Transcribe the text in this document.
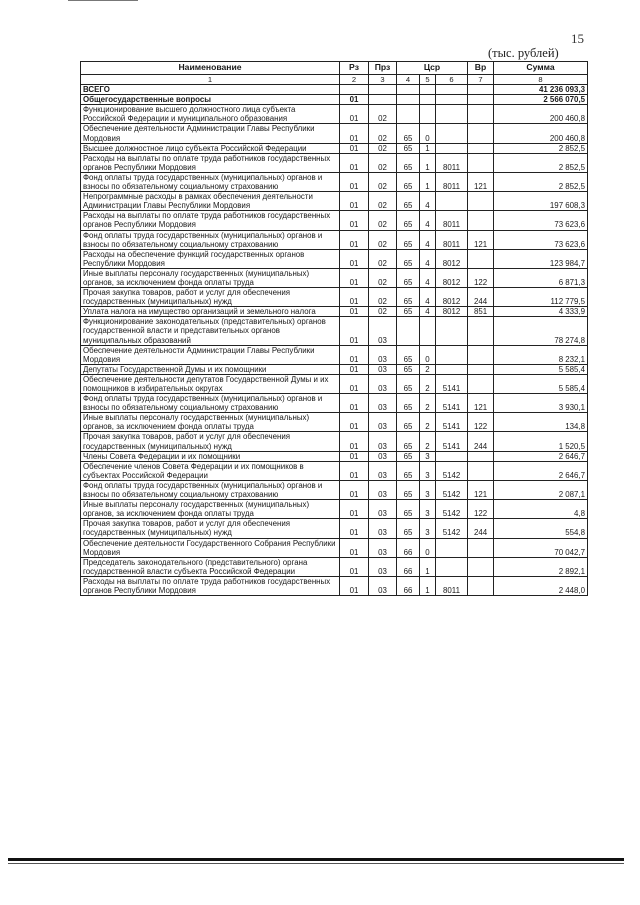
15
(тыс. рублей)
Наименование	Рз	Прз	Цср			Вр	Сумма
1	2	3	4	5	6	7	8
ВСЕГО							41 236 093,3
Общегосударственные вопросы	01						2 566 070,5
Функционирование высшего должностного лица субъекта Российской Федерации и муниципального образования	01	02					200 460,8
Обеспечение деятельности Администрации Главы Республики Мордовия	01	02	65	0			200 460,8
Высшее должностное лицо субъекта Российской Федерации	01	02	65	1			2 852,5
Расходы на выплаты по оплате труда работников государственных органов Республики Мордовия	01	02	65	1	8011		2 852,5
Фонд оплаты труда государственных (муниципальных) органов и взносы по обязательному социальному страхованию	01	02	65	1	8011	121	2 852,5
Непрограммные расходы в рамках обеспечения деятельности Администрации Главы Республики Мордовия	01	02	65	4			197 608,3
Расходы на выплаты по оплате труда работников государственных органов Республики Мордовия	01	02	65	4	8011		73 623,6
Фонд оплаты труда государственных (муниципальных) органов и взносы по обязательному социальному страхованию	01	02	65	4	8011	121	73 623,6
Расходы на обеспечение функций государственных органов Республики Мордовия	01	02	65	4	8012		123 984,7
Иные выплаты персоналу государственных (муниципальных) органов, за исключением фонда оплаты труда	01	02	65	4	8012	122	6 871,3
Прочая закупка товаров, работ и услуг для обеспечения государственных (муниципальных) нужд	01	02	65	4	8012	244	112 779,5
Уплата налога на имущество организаций и земельного налога	01	02	65	4	8012	851	4 333,9
Функционирование законодательных (представительных) органов государственной власти и представительных органов муниципальных образований	01	03					78 274,8
Обеспечение деятельности Администрации Главы Республики Мордовия	01	03	65	0			8 232,1
Депутаты Государственной Думы и их помощники	01	03	65	2			5 585,4
Обеспечение деятельности депутатов Государственной Думы и их помощников в избирательных округах	01	03	65	2	5141		5 585,4
Фонд оплаты труда государственных (муниципальных) органов и взносы по обязательному социальному страхованию	01	03	65	2	5141	121	3 930,1
Иные выплаты персоналу государственных (муниципальных) органов, за исключением фонда оплаты труда	01	03	65	2	5141	122	134,8
Прочая закупка товаров, работ и услуг для обеспечения государственных (муниципальных) нужд	01	03	65	2	5141	244	1 520,5
Члены Совета Федерации и их помощники	01	03	65	3			2 646,7
Обеспечение членов Совета Федерации и их помощников в субъектах Российской Федерации	01	03	65	3	5142		2 646,7
Фонд оплаты труда государственных (муниципальных) органов и взносы по обязательному социальному страхованию	01	03	65	3	5142	121	2 087,1
Иные выплаты персоналу государственных (муниципальных) органов, за исключением фонда оплаты труда	01	03	65	3	5142	122	4,8
Прочая закупка товаров, работ и услуг для обеспечения государственных (муниципальных) нужд	01	03	65	3	5142	244	554,8
Обеспечение деятельности Государственного Собрания Республики Мордовия	01	03	66	0			70 042,7
Председатель законодательного (представительного) органа государственной власти субъекта Российской Федерации	01	03	66	1			2 892,1
Расходы на выплаты по оплате труда работников государственных органов Республики Мордовия	01	03	66	1	8011		2 448,0
